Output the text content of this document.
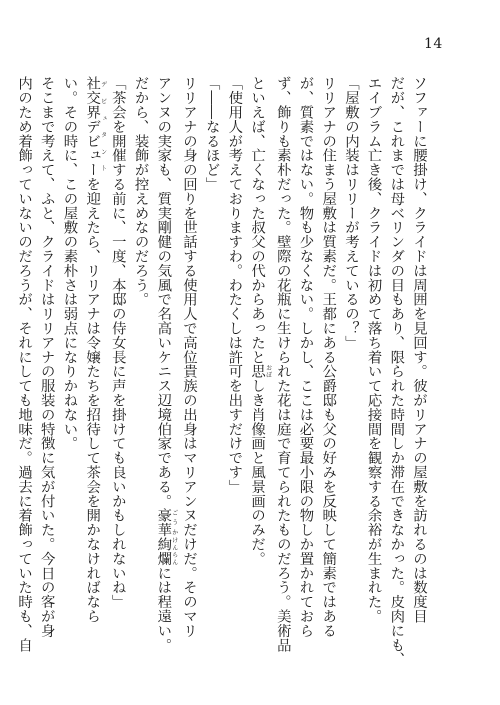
14

ソファーに腰掛け、クライドは周囲を見回す。彼がリアナの屋敷を訪れるのは数度目

だが、これまでは母ベリンダの目もあり、限られた時間しか滞在できなかった。皮肉にも、

エイブラム亡き後、クライドは初めて落ち着いて応接間を観察する余裕が生まれた。

「屋敷の内装はリリーが考えているの？」

リリアナの住まう屋敷は質素だ。王都にある公爵邸も父の好みを反映して簡素ではある

が、質素ではない。物も少なくない。しかし、ここは必要最小限の物しか置かれておら

ず、飾りも素朴だった。壁際の花瓶に生けられた花は庭で育てられたものだろう。美術品

といえば、亡くなった叔父の代からあったと思 おぼしき肖像画と風景画のみだ。

「使用人が考えておりますわ。わたくしは許可を出すだけです」

「――なるほど」

リリアナの身の回りを世話する使用人で高位貴族の出身はマリアンヌだけだ。そのマリ

アンヌの実家も、質実剛健の気風で名高いケニス辺境伯家である。豪華 ごうか絢爛 けんらんには程遠い。

だから、装飾が控えめなのだろう。

「茶会を開催する前に、一度、本邸の侍女長に声を掛けても良いかもしれないね」

社交界デビュー デビュタントを迎えたら、リリアナは令嬢たちを招待して茶会を開かなければなら

い。その時に、この屋敷の素朴さは弱点になりかねない。

そこまで考えて、ふと、クライドはリリアナの服装の特徴に気が付いた。今日の客が身

内のため着飾っていないのだろうが、それにしても地味だ。過去に着飾っていた時も、自
